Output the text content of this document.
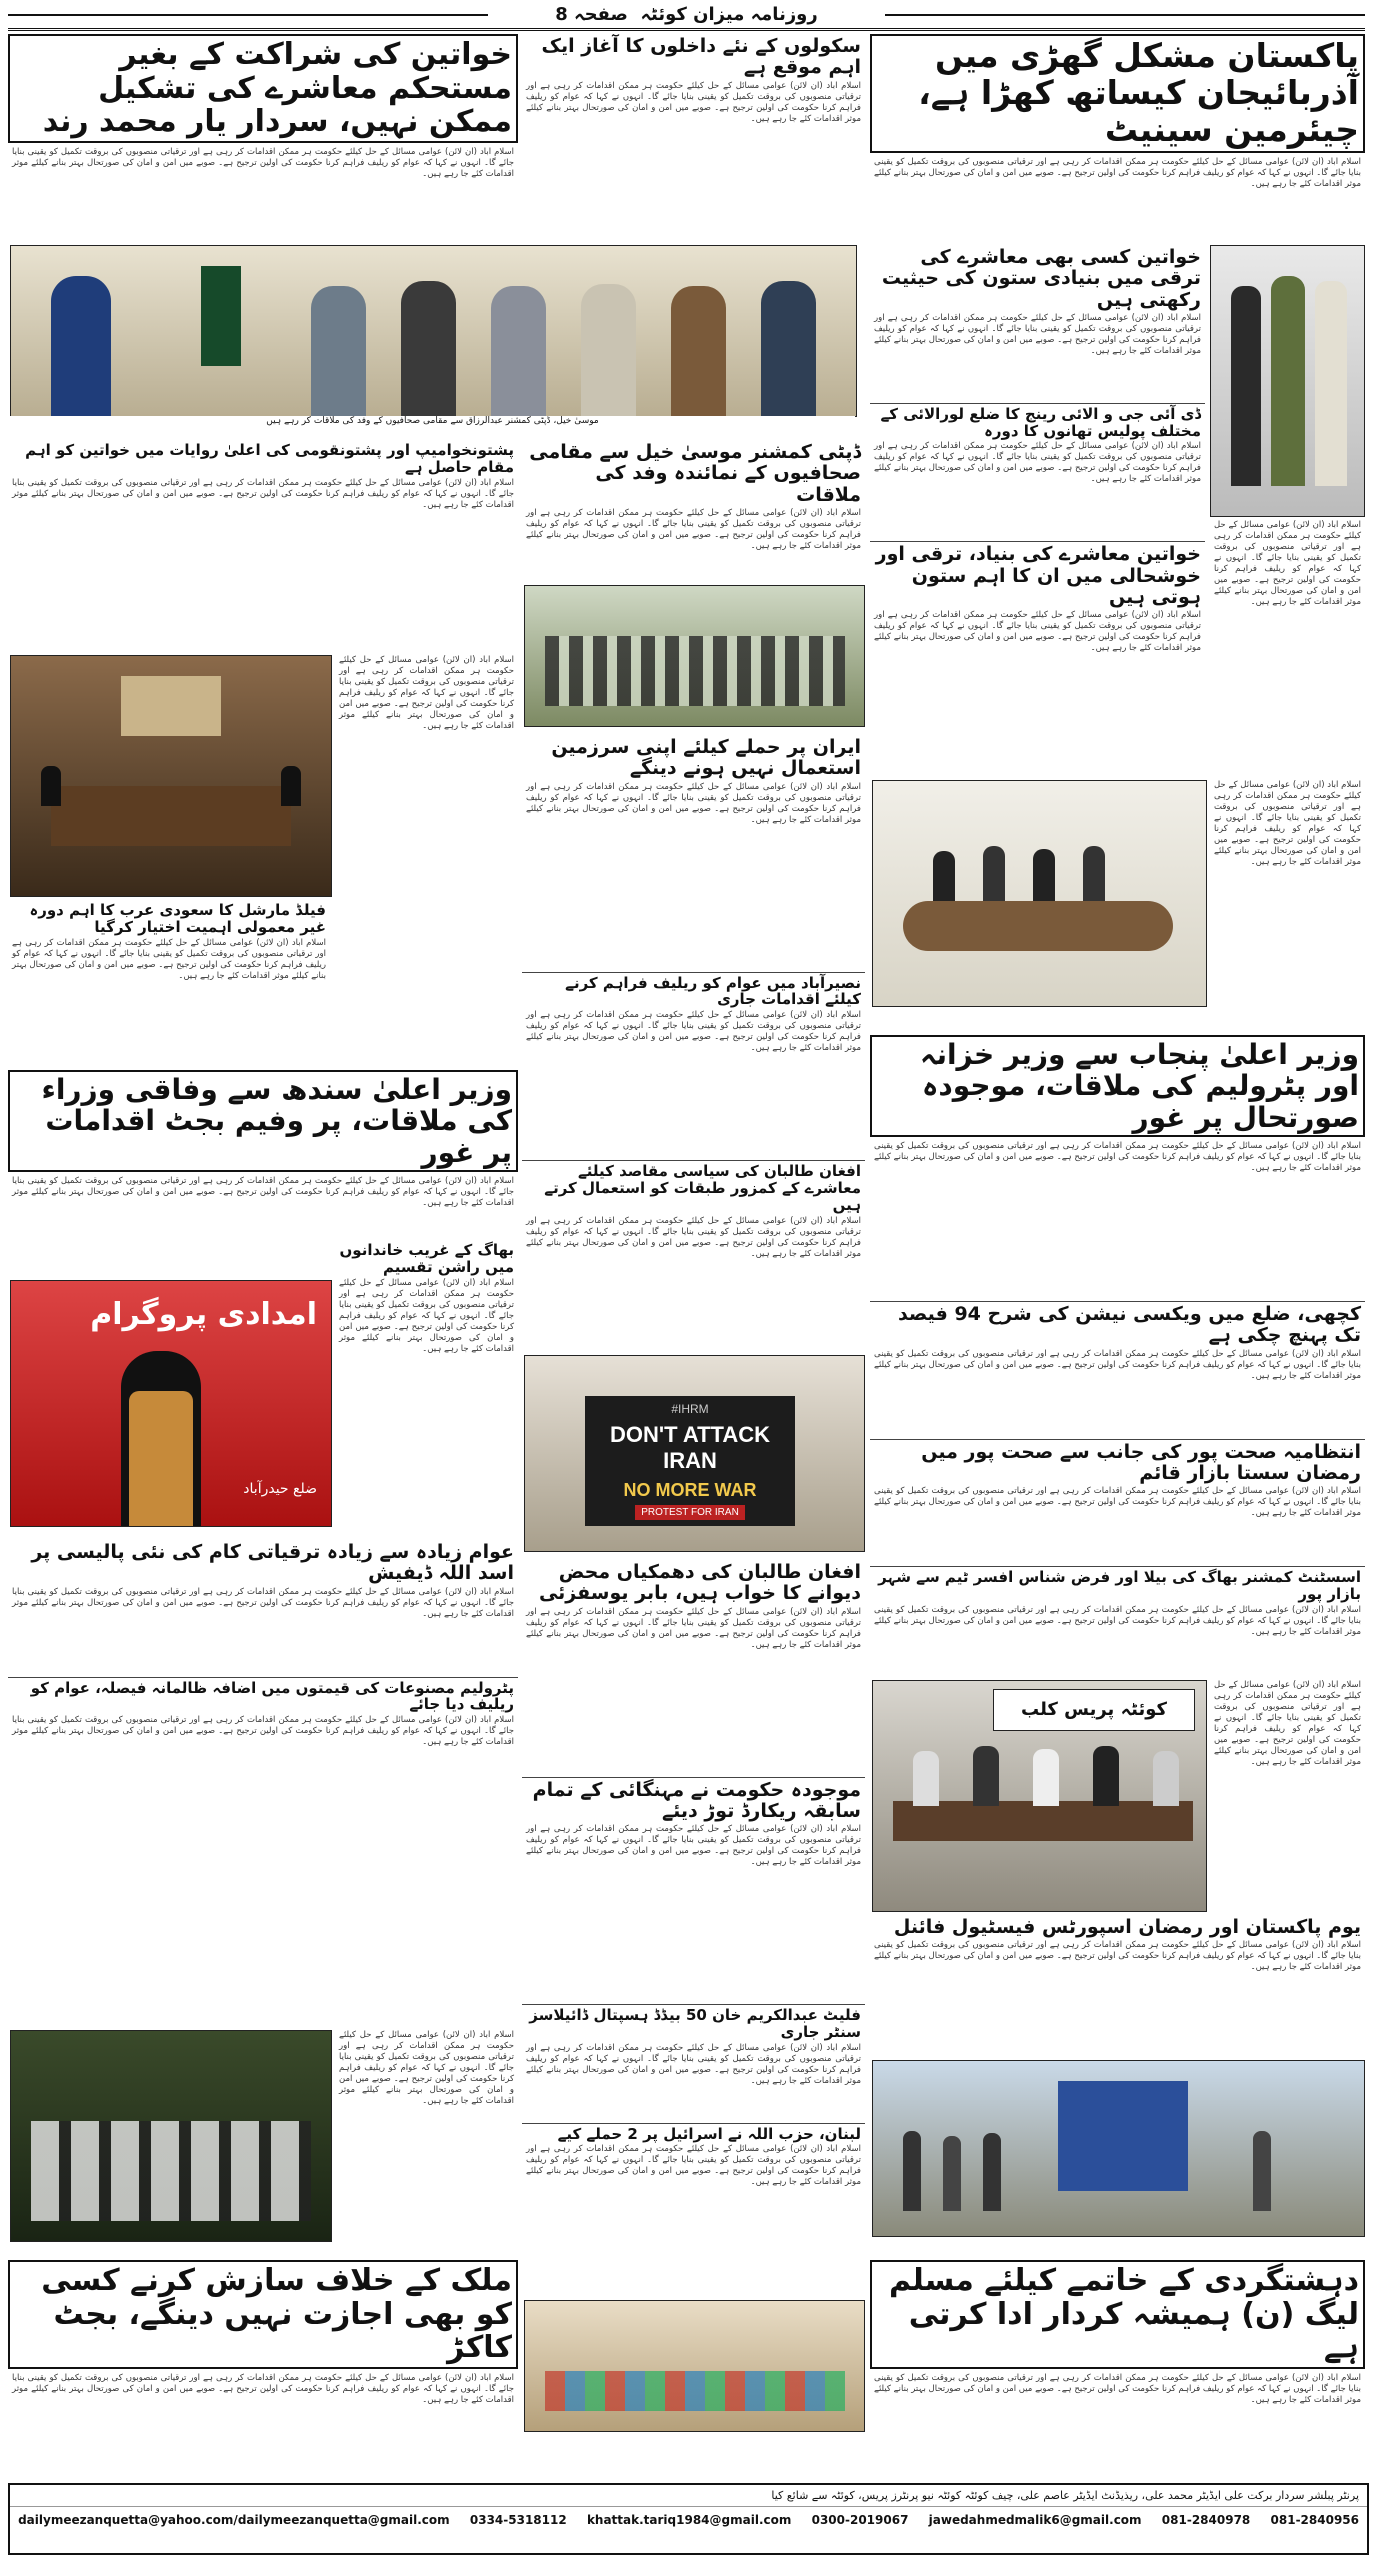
روزنامہ میزان کوئٹہ  صفحہ 8
پاکستان مشکل گھڑی میں آذربائیجان کیساتھ کھڑا ہے، چیئرمین سینیٹ
اسلام آباد (آن لائن) عوامی مسائل کے حل کیلئے حکومت ہر ممکن اقدامات کر رہی ہے اور ترقیاتی منصوبوں کی بروقت تکمیل کو یقینی بنایا جائے گا۔ انہوں نے کہا کہ عوام کو ریلیف فراہم کرنا حکومت کی اولین ترجیح ہے۔ صوبے میں امن و امان کی صورتحال بہتر بنانے کیلئے موثر اقدامات کئے جا رہے ہیں۔
اسلام آباد (آن لائن) عوامی مسائل کے حل کیلئے حکومت ہر ممکن اقدامات کر رہی ہے اور ترقیاتی منصوبوں کی بروقت تکمیل کو یقینی بنایا جائے گا۔ انہوں نے کہا کہ عوام کو ریلیف فراہم کرنا حکومت کی اولین ترجیح ہے۔ صوبے میں امن و امان کی صورتحال بہتر بنانے کیلئے موثر اقدامات کئے جا رہے ہیں۔
خواتین کسی بھی معاشرے کی ترقی میں بنیادی ستون کی حیثیت رکھتی ہیں
اسلام آباد (آن لائن) عوامی مسائل کے حل کیلئے حکومت ہر ممکن اقدامات کر رہی ہے اور ترقیاتی منصوبوں کی بروقت تکمیل کو یقینی بنایا جائے گا۔ انہوں نے کہا کہ عوام کو ریلیف فراہم کرنا حکومت کی اولین ترجیح ہے۔ صوبے میں امن و امان کی صورتحال بہتر بنانے کیلئے موثر اقدامات کئے جا رہے ہیں۔
ڈی آئی جی و الائی رینج کا ضلع لورالائی کے مختلف پولیس تھانوں کا دورہ
اسلام آباد (آن لائن) عوامی مسائل کے حل کیلئے حکومت ہر ممکن اقدامات کر رہی ہے اور ترقیاتی منصوبوں کی بروقت تکمیل کو یقینی بنایا جائے گا۔ انہوں نے کہا کہ عوام کو ریلیف فراہم کرنا حکومت کی اولین ترجیح ہے۔ صوبے میں امن و امان کی صورتحال بہتر بنانے کیلئے موثر اقدامات کئے جا رہے ہیں۔
خواتین معاشرے کی بنیاد، ترقی اور خوشحالی میں ان کا اہم ستون ہوتی ہیں
اسلام آباد (آن لائن) عوامی مسائل کے حل کیلئے حکومت ہر ممکن اقدامات کر رہی ہے اور ترقیاتی منصوبوں کی بروقت تکمیل کو یقینی بنایا جائے گا۔ انہوں نے کہا کہ عوام کو ریلیف فراہم کرنا حکومت کی اولین ترجیح ہے۔ صوبے میں امن و امان کی صورتحال بہتر بنانے کیلئے موثر اقدامات کئے جا رہے ہیں۔
اسلام آباد (آن لائن) عوامی مسائل کے حل کیلئے حکومت ہر ممکن اقدامات کر رہی ہے اور ترقیاتی منصوبوں کی بروقت تکمیل کو یقینی بنایا جائے گا۔ انہوں نے کہا کہ عوام کو ریلیف فراہم کرنا حکومت کی اولین ترجیح ہے۔ صوبے میں امن و امان کی صورتحال بہتر بنانے کیلئے موثر اقدامات کئے جا رہے ہیں۔
وزیر اعلیٰ پنجاب سے وزیر خزانہ اور پٹرولیم کی ملاقات، موجودہ صورتحال پر غور
اسلام آباد (آن لائن) عوامی مسائل کے حل کیلئے حکومت ہر ممکن اقدامات کر رہی ہے اور ترقیاتی منصوبوں کی بروقت تکمیل کو یقینی بنایا جائے گا۔ انہوں نے کہا کہ عوام کو ریلیف فراہم کرنا حکومت کی اولین ترجیح ہے۔ صوبے میں امن و امان کی صورتحال بہتر بنانے کیلئے موثر اقدامات کئے جا رہے ہیں۔
کچھی، ضلع میں ویکسی نیشن کی شرح 94 فیصد تک پہنچ چکی ہے
اسلام آباد (آن لائن) عوامی مسائل کے حل کیلئے حکومت ہر ممکن اقدامات کر رہی ہے اور ترقیاتی منصوبوں کی بروقت تکمیل کو یقینی بنایا جائے گا۔ انہوں نے کہا کہ عوام کو ریلیف فراہم کرنا حکومت کی اولین ترجیح ہے۔ صوبے میں امن و امان کی صورتحال بہتر بنانے کیلئے موثر اقدامات کئے جا رہے ہیں۔
انتظامیہ صحت پور کی جانب سے صحت پور میں رمضان سستا بازار قائم
اسلام آباد (آن لائن) عوامی مسائل کے حل کیلئے حکومت ہر ممکن اقدامات کر رہی ہے اور ترقیاتی منصوبوں کی بروقت تکمیل کو یقینی بنایا جائے گا۔ انہوں نے کہا کہ عوام کو ریلیف فراہم کرنا حکومت کی اولین ترجیح ہے۔ صوبے میں امن و امان کی صورتحال بہتر بنانے کیلئے موثر اقدامات کئے جا رہے ہیں۔
اسسٹنٹ کمشنر بھاگ کی بیلا اور فرض شناس افسر ٹیم سے شہر بازار پور
اسلام آباد (آن لائن) عوامی مسائل کے حل کیلئے حکومت ہر ممکن اقدامات کر رہی ہے اور ترقیاتی منصوبوں کی بروقت تکمیل کو یقینی بنایا جائے گا۔ انہوں نے کہا کہ عوام کو ریلیف فراہم کرنا حکومت کی اولین ترجیح ہے۔ صوبے میں امن و امان کی صورتحال بہتر بنانے کیلئے موثر اقدامات کئے جا رہے ہیں۔
کوئٹہ پریس کلب
اسلام آباد (آن لائن) عوامی مسائل کے حل کیلئے حکومت ہر ممکن اقدامات کر رہی ہے اور ترقیاتی منصوبوں کی بروقت تکمیل کو یقینی بنایا جائے گا۔ انہوں نے کہا کہ عوام کو ریلیف فراہم کرنا حکومت کی اولین ترجیح ہے۔ صوبے میں امن و امان کی صورتحال بہتر بنانے کیلئے موثر اقدامات کئے جا رہے ہیں۔
یوم پاکستان اور رمضان اسپورٹس فیسٹیول فائنل
اسلام آباد (آن لائن) عوامی مسائل کے حل کیلئے حکومت ہر ممکن اقدامات کر رہی ہے اور ترقیاتی منصوبوں کی بروقت تکمیل کو یقینی بنایا جائے گا۔ انہوں نے کہا کہ عوام کو ریلیف فراہم کرنا حکومت کی اولین ترجیح ہے۔ صوبے میں امن و امان کی صورتحال بہتر بنانے کیلئے موثر اقدامات کئے جا رہے ہیں۔
دہشتگردی کے خاتمے کیلئے مسلم لیگ (ن) ہمیشہ کردار ادا کرتی ہے
اسلام آباد (آن لائن) عوامی مسائل کے حل کیلئے حکومت ہر ممکن اقدامات کر رہی ہے اور ترقیاتی منصوبوں کی بروقت تکمیل کو یقینی بنایا جائے گا۔ انہوں نے کہا کہ عوام کو ریلیف فراہم کرنا حکومت کی اولین ترجیح ہے۔ صوبے میں امن و امان کی صورتحال بہتر بنانے کیلئے موثر اقدامات کئے جا رہے ہیں۔
سکولوں کے نئے داخلوں کا آغاز ایک اہم موقع ہے
اسلام آباد (آن لائن) عوامی مسائل کے حل کیلئے حکومت ہر ممکن اقدامات کر رہی ہے اور ترقیاتی منصوبوں کی بروقت تکمیل کو یقینی بنایا جائے گا۔ انہوں نے کہا کہ عوام کو ریلیف فراہم کرنا حکومت کی اولین ترجیح ہے۔ صوبے میں امن و امان کی صورتحال بہتر بنانے کیلئے موثر اقدامات کئے جا رہے ہیں۔
ڈپٹی کمشنر موسیٰ خیل سے مقامی صحافیوں کے نمائندہ وفد کی ملاقات
اسلام آباد (آن لائن) عوامی مسائل کے حل کیلئے حکومت ہر ممکن اقدامات کر رہی ہے اور ترقیاتی منصوبوں کی بروقت تکمیل کو یقینی بنایا جائے گا۔ انہوں نے کہا کہ عوام کو ریلیف فراہم کرنا حکومت کی اولین ترجیح ہے۔ صوبے میں امن و امان کی صورتحال بہتر بنانے کیلئے موثر اقدامات کئے جا رہے ہیں۔
ایران پر حملے کیلئے اپنی سرزمین استعمال نہیں ہونے دینگے
اسلام آباد (آن لائن) عوامی مسائل کے حل کیلئے حکومت ہر ممکن اقدامات کر رہی ہے اور ترقیاتی منصوبوں کی بروقت تکمیل کو یقینی بنایا جائے گا۔ انہوں نے کہا کہ عوام کو ریلیف فراہم کرنا حکومت کی اولین ترجیح ہے۔ صوبے میں امن و امان کی صورتحال بہتر بنانے کیلئے موثر اقدامات کئے جا رہے ہیں۔
نصیرآباد میں عوام کو ریلیف فراہم کرنے کیلئے اقدامات جاری
اسلام آباد (آن لائن) عوامی مسائل کے حل کیلئے حکومت ہر ممکن اقدامات کر رہی ہے اور ترقیاتی منصوبوں کی بروقت تکمیل کو یقینی بنایا جائے گا۔ انہوں نے کہا کہ عوام کو ریلیف فراہم کرنا حکومت کی اولین ترجیح ہے۔ صوبے میں امن و امان کی صورتحال بہتر بنانے کیلئے موثر اقدامات کئے جا رہے ہیں۔
افغان طالبان کی سیاسی مقاصد کیلئے معاشرے کے کمزور طبقات کو استعمال کرتے ہیں
اسلام آباد (آن لائن) عوامی مسائل کے حل کیلئے حکومت ہر ممکن اقدامات کر رہی ہے اور ترقیاتی منصوبوں کی بروقت تکمیل کو یقینی بنایا جائے گا۔ انہوں نے کہا کہ عوام کو ریلیف فراہم کرنا حکومت کی اولین ترجیح ہے۔ صوبے میں امن و امان کی صورتحال بہتر بنانے کیلئے موثر اقدامات کئے جا رہے ہیں۔
#IHRM
DON'T ATTACK IRAN
NO MORE WAR
PROTEST FOR IRAN
افغان طالبان کی دھمکیاں محض دیوانے کا خواب ہیں، بابر یوسفزئی
اسلام آباد (آن لائن) عوامی مسائل کے حل کیلئے حکومت ہر ممکن اقدامات کر رہی ہے اور ترقیاتی منصوبوں کی بروقت تکمیل کو یقینی بنایا جائے گا۔ انہوں نے کہا کہ عوام کو ریلیف فراہم کرنا حکومت کی اولین ترجیح ہے۔ صوبے میں امن و امان کی صورتحال بہتر بنانے کیلئے موثر اقدامات کئے جا رہے ہیں۔
موجودہ حکومت نے مہنگائی کے تمام سابقہ ریکارڈ توڑ دیئے
اسلام آباد (آن لائن) عوامی مسائل کے حل کیلئے حکومت ہر ممکن اقدامات کر رہی ہے اور ترقیاتی منصوبوں کی بروقت تکمیل کو یقینی بنایا جائے گا۔ انہوں نے کہا کہ عوام کو ریلیف فراہم کرنا حکومت کی اولین ترجیح ہے۔ صوبے میں امن و امان کی صورتحال بہتر بنانے کیلئے موثر اقدامات کئے جا رہے ہیں۔
فلیٹ عبدالکریم خان 50 بیڈڈ ہسپتال ڈائیلاسز سنٹر جاری
اسلام آباد (آن لائن) عوامی مسائل کے حل کیلئے حکومت ہر ممکن اقدامات کر رہی ہے اور ترقیاتی منصوبوں کی بروقت تکمیل کو یقینی بنایا جائے گا۔ انہوں نے کہا کہ عوام کو ریلیف فراہم کرنا حکومت کی اولین ترجیح ہے۔ صوبے میں امن و امان کی صورتحال بہتر بنانے کیلئے موثر اقدامات کئے جا رہے ہیں۔
لبنان، حزب اللہ نے اسرائیل پر 2 حملے کیے
اسلام آباد (آن لائن) عوامی مسائل کے حل کیلئے حکومت ہر ممکن اقدامات کر رہی ہے اور ترقیاتی منصوبوں کی بروقت تکمیل کو یقینی بنایا جائے گا۔ انہوں نے کہا کہ عوام کو ریلیف فراہم کرنا حکومت کی اولین ترجیح ہے۔ صوبے میں امن و امان کی صورتحال بہتر بنانے کیلئے موثر اقدامات کئے جا رہے ہیں۔
خواتین کی شراکت کے بغیر مستحکم معاشرے کی تشکیل ممکن نہیں، سردار یار محمد رند
اسلام آباد (آن لائن) عوامی مسائل کے حل کیلئے حکومت ہر ممکن اقدامات کر رہی ہے اور ترقیاتی منصوبوں کی بروقت تکمیل کو یقینی بنایا جائے گا۔ انہوں نے کہا کہ عوام کو ریلیف فراہم کرنا حکومت کی اولین ترجیح ہے۔ صوبے میں امن و امان کی صورتحال بہتر بنانے کیلئے موثر اقدامات کئے جا رہے ہیں۔
موسیٰ خیل، ڈپٹی کمشنر عبدالرزاق سے مقامی صحافیوں کے وفد کی ملاقات کر رہے ہیں
پشتونخوامیپ اور پشتونقومی کی اعلیٰ روایات میں خواتین کو اہم مقام حاصل ہے
اسلام آباد (آن لائن) عوامی مسائل کے حل کیلئے حکومت ہر ممکن اقدامات کر رہی ہے اور ترقیاتی منصوبوں کی بروقت تکمیل کو یقینی بنایا جائے گا۔ انہوں نے کہا کہ عوام کو ریلیف فراہم کرنا حکومت کی اولین ترجیح ہے۔ صوبے میں امن و امان کی صورتحال بہتر بنانے کیلئے موثر اقدامات کئے جا رہے ہیں۔
اسلام آباد (آن لائن) عوامی مسائل کے حل کیلئے حکومت ہر ممکن اقدامات کر رہی ہے اور ترقیاتی منصوبوں کی بروقت تکمیل کو یقینی بنایا جائے گا۔ انہوں نے کہا کہ عوام کو ریلیف فراہم کرنا حکومت کی اولین ترجیح ہے۔ صوبے میں امن و امان کی صورتحال بہتر بنانے کیلئے موثر اقدامات کئے جا رہے ہیں۔
فیلڈ مارشل کا سعودی عرب کا اہم دورہ غیر معمولی اہمیت اختیار کرگیا
اسلام آباد (آن لائن) عوامی مسائل کے حل کیلئے حکومت ہر ممکن اقدامات کر رہی ہے اور ترقیاتی منصوبوں کی بروقت تکمیل کو یقینی بنایا جائے گا۔ انہوں نے کہا کہ عوام کو ریلیف فراہم کرنا حکومت کی اولین ترجیح ہے۔ صوبے میں امن و امان کی صورتحال بہتر بنانے کیلئے موثر اقدامات کئے جا رہے ہیں۔
وزیر اعلیٰ سندھ سے وفاقی وزراء کی ملاقات، پر وفیم بجٹ اقدامات پر غور
اسلام آباد (آن لائن) عوامی مسائل کے حل کیلئے حکومت ہر ممکن اقدامات کر رہی ہے اور ترقیاتی منصوبوں کی بروقت تکمیل کو یقینی بنایا جائے گا۔ انہوں نے کہا کہ عوام کو ریلیف فراہم کرنا حکومت کی اولین ترجیح ہے۔ صوبے میں امن و امان کی صورتحال بہتر بنانے کیلئے موثر اقدامات کئے جا رہے ہیں۔
امدادی پروگرام
ضلع حیدرآباد
بھاگ کے غریب خاندانوں میں راشن تقسیم
اسلام آباد (آن لائن) عوامی مسائل کے حل کیلئے حکومت ہر ممکن اقدامات کر رہی ہے اور ترقیاتی منصوبوں کی بروقت تکمیل کو یقینی بنایا جائے گا۔ انہوں نے کہا کہ عوام کو ریلیف فراہم کرنا حکومت کی اولین ترجیح ہے۔ صوبے میں امن و امان کی صورتحال بہتر بنانے کیلئے موثر اقدامات کئے جا رہے ہیں۔
عوام زیادہ سے زیادہ ترقیاتی کام کی نئی پالیسی پر اسد اللہ ڈیفیش
اسلام آباد (آن لائن) عوامی مسائل کے حل کیلئے حکومت ہر ممکن اقدامات کر رہی ہے اور ترقیاتی منصوبوں کی بروقت تکمیل کو یقینی بنایا جائے گا۔ انہوں نے کہا کہ عوام کو ریلیف فراہم کرنا حکومت کی اولین ترجیح ہے۔ صوبے میں امن و امان کی صورتحال بہتر بنانے کیلئے موثر اقدامات کئے جا رہے ہیں۔
پٹرولیم مصنوعات کی قیمتوں میں اضافہ ظالمانہ فیصلہ، عوام کو ریلیف دیا جائے
اسلام آباد (آن لائن) عوامی مسائل کے حل کیلئے حکومت ہر ممکن اقدامات کر رہی ہے اور ترقیاتی منصوبوں کی بروقت تکمیل کو یقینی بنایا جائے گا۔ انہوں نے کہا کہ عوام کو ریلیف فراہم کرنا حکومت کی اولین ترجیح ہے۔ صوبے میں امن و امان کی صورتحال بہتر بنانے کیلئے موثر اقدامات کئے جا رہے ہیں۔
اسلام آباد (آن لائن) عوامی مسائل کے حل کیلئے حکومت ہر ممکن اقدامات کر رہی ہے اور ترقیاتی منصوبوں کی بروقت تکمیل کو یقینی بنایا جائے گا۔ انہوں نے کہا کہ عوام کو ریلیف فراہم کرنا حکومت کی اولین ترجیح ہے۔ صوبے میں امن و امان کی صورتحال بہتر بنانے کیلئے موثر اقدامات کئے جا رہے ہیں۔
ملک کے خلاف سازش کرنے کسی کو بھی اجازت نہیں دینگے، بجٹ کاکڑ
اسلام آباد (آن لائن) عوامی مسائل کے حل کیلئے حکومت ہر ممکن اقدامات کر رہی ہے اور ترقیاتی منصوبوں کی بروقت تکمیل کو یقینی بنایا جائے گا۔ انہوں نے کہا کہ عوام کو ریلیف فراہم کرنا حکومت کی اولین ترجیح ہے۔ صوبے میں امن و امان کی صورتحال بہتر بنانے کیلئے موثر اقدامات کئے جا رہے ہیں۔
پرنٹر پبلشر سردار برکت علی ایڈیٹر محمد علی، ریذیڈنٹ ایڈیٹر عاصم علی، چیف کوئٹہ کوئٹہ نیو پرنٹرز پریس، کوئٹہ سے شائع کیا
081-2840956
081-2840978
jawedahmedmalik6@gmail.com
0300-2019067
khattak.tariq1984@gmail.com
0334-5318112
dailymeezanquetta@yahoo.com/dailymeezanquetta@gmail.com
